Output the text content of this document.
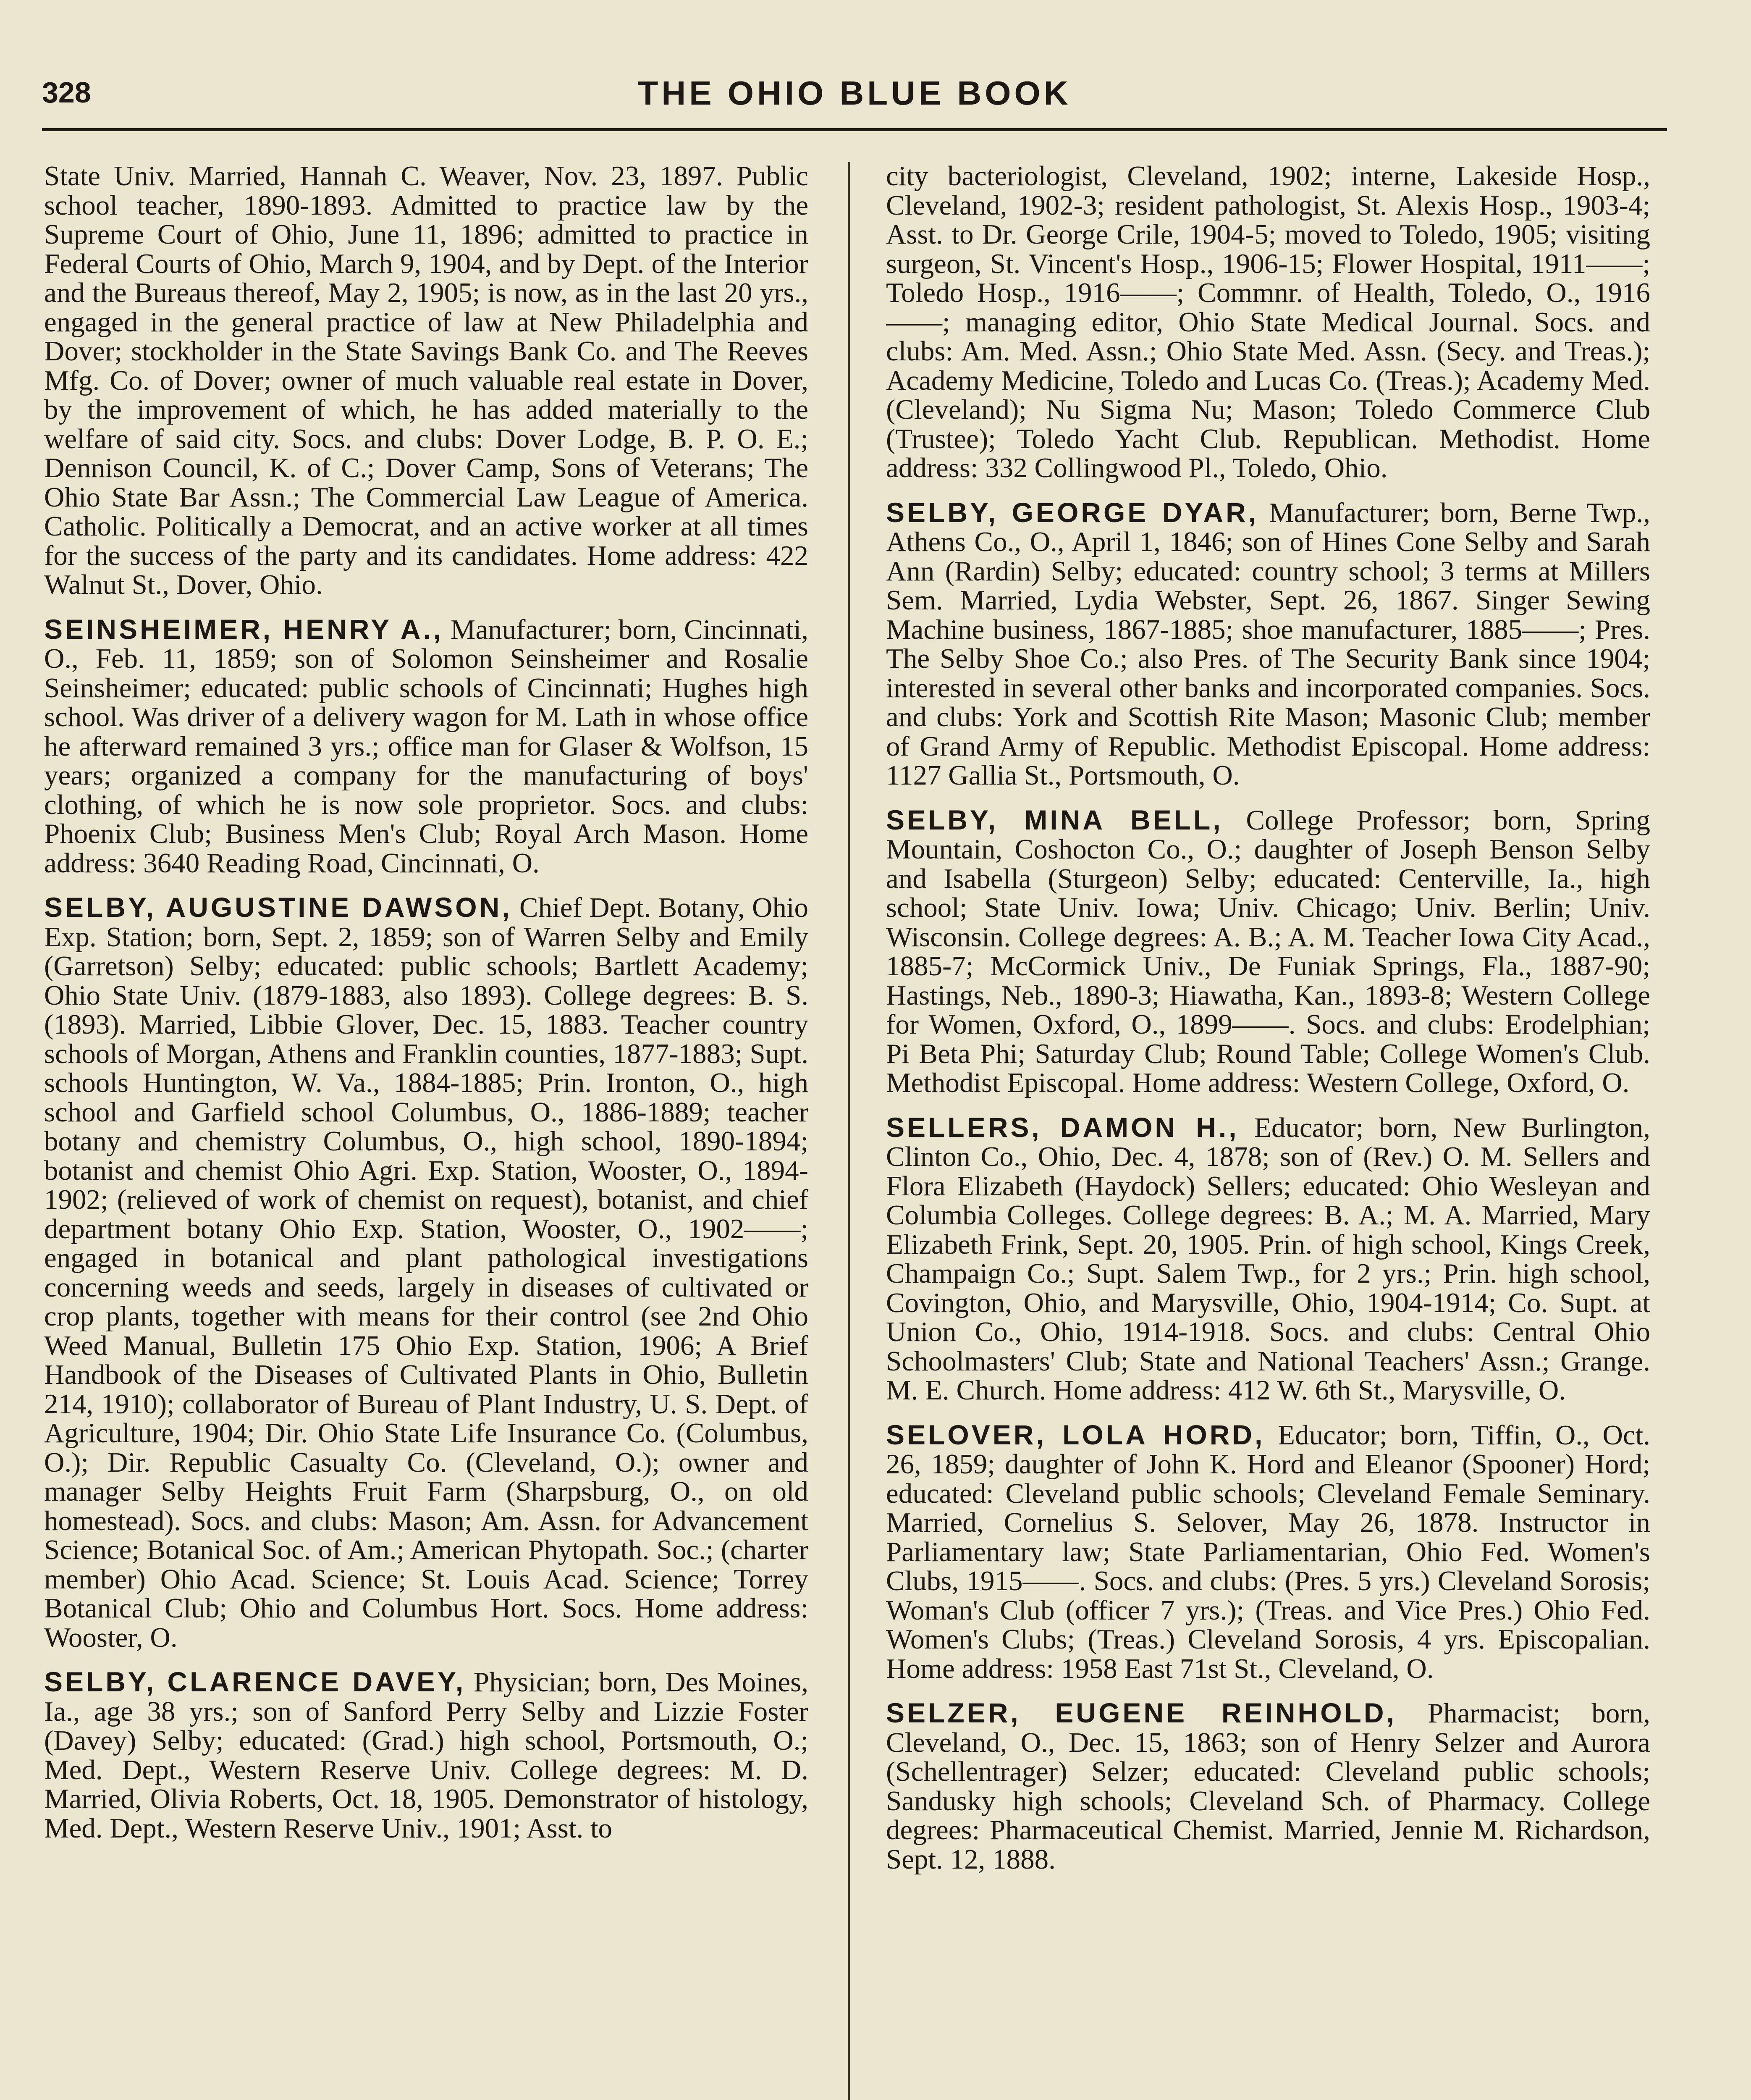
328	THE OHIO BLUE BOOK

State Univ. Married, Hannah C. Weaver, Nov. 23, 1897. Public school teacher, 1890-1893. Admitted to practice law by the Supreme Court of Ohio, June 11, 1896; admitted to practice in Federal Courts of Ohio, March 9, 1904, and by Dept. of the Interior and the Bureaus thereof, May 2, 1905; is now, as in the last 20 yrs., engaged in the general practice of law at New Philadelphia and Dover; stockholder in the State Savings Bank Co. and The Reeves Mfg. Co. of Dover; owner of much valuable real estate in Dover, by the improvement of which, he has added materially to the welfare of said city. Socs. and clubs: Dover Lodge, B. P. O. E.; Dennison Council, K. of C.; Dover Camp, Sons of Veterans; The Ohio State Bar Assn.; The Commercial Law League of America. Catholic. Politically a Democrat, and an active worker at all times for the success of the party and its candidates. Home address: 422 Walnut St., Dover, Ohio.

SEINSHEIMER, HENRY A., Manufacturer; born, Cincinnati, O., Feb. 11, 1859; son of Solomon Seinsheimer and Rosalie Seinsheimer; educated: public schools of Cincinnati; Hughes high school. Was driver of a delivery wagon for M. Lath in whose office he afterward remained 3 yrs.; office man for Glaser & Wolfson, 15 years; organized a company for the manufacturing of boys' clothing, of which he is now sole proprietor. Socs. and clubs: Phoenix Club; Business Men's Club; Royal Arch Mason. Home address: 3640 Reading Road, Cincinnati, O.

SELBY, AUGUSTINE DAWSON, Chief Dept. Botany, Ohio Exp. Station; born, Sept. 2, 1859; son of Warren Selby and Emily (Garretson) Selby; educated: public schools; Bartlett Academy; Ohio State Univ. (1879-1883, also 1893). College degrees: B. S. (1893). Married, Libbie Glover, Dec. 15, 1883. Teacher country schools of Morgan, Athens and Franklin counties, 1877-1883; Supt. schools Huntington, W. Va., 1884-1885; Prin. Ironton, O., high school and Garfield school Columbus, O., 1886-1889; teacher botany and chemistry Columbus, O., high school, 1890-1894; botanist and chemist Ohio Agri. Exp. Station, Wooster, O., 1894-1902; (relieved of work of chemist on request), botanist, and chief department botany Ohio Exp. Station, Wooster, O., 1902——; engaged in botanical and plant pathological investigations concerning weeds and seeds, largely in diseases of cultivated or crop plants, together with means for their control (see 2nd Ohio Weed Manual, Bulletin 175 Ohio Exp. Station, 1906; A Brief Handbook of the Diseases of Cultivated Plants in Ohio, Bulletin 214, 1910); collaborator of Bureau of Plant Industry, U. S. Dept. of Agriculture, 1904; Dir. Ohio State Life Insurance Co. (Columbus, O.); Dir. Republic Casualty Co. (Cleveland, O.); owner and manager Selby Heights Fruit Farm (Sharpsburg, O., on old homestead). Socs. and clubs: Mason; Am. Assn. for Advancement Science; Botanical Soc. of Am.; American Phytopath. Soc.; (charter member) Ohio Acad. Science; St. Louis Acad. Science; Torrey Botanical Club; Ohio and Columbus Hort. Socs. Home address: Wooster, O.

SELBY, CLARENCE DAVEY, Physician; born, Des Moines, Ia., age 38 yrs.; son of Sanford Perry Selby and Lizzie Foster (Davey) Selby; educated: (Grad.) high school, Portsmouth, O.; Med. Dept., Western Reserve Univ. College degrees: M. D. Married, Olivia Roberts, Oct. 18, 1905. Demonstrator of histology, Med. Dept., Western Reserve Univ., 1901; Asst. to

city bacteriologist, Cleveland, 1902; interne, Lakeside Hosp., Cleveland, 1902-3; resident pathologist, St. Alexis Hosp., 1903-4; Asst. to Dr. George Crile, 1904-5; moved to Toledo, 1905; visiting surgeon, St. Vincent's Hosp., 1906-15; Flower Hospital, 1911——; Toledo Hosp., 1916——; Commnr. of Health, Toledo, O., 1916——; managing editor, Ohio State Medical Journal. Socs. and clubs: Am. Med. Assn.; Ohio State Med. Assn. (Secy. and Treas.); Academy Medicine, Toledo and Lucas Co. (Treas.); Academy Med. (Cleveland); Nu Sigma Nu; Mason; Toledo Commerce Club (Trustee); Toledo Yacht Club. Republican. Methodist. Home address: 332 Collingwood Pl., Toledo, Ohio.

SELBY, GEORGE DYAR, Manufacturer; born, Berne Twp., Athens Co., O., April 1, 1846; son of Hines Cone Selby and Sarah Ann (Rardin) Selby; educated: country school; 3 terms at Millers Sem. Married, Lydia Webster, Sept. 26, 1867. Singer Sewing Machine business, 1867-1885; shoe manufacturer, 1885——; Pres. The Selby Shoe Co.; also Pres. of The Security Bank since 1904; interested in several other banks and incorporated companies. Socs. and clubs: York and Scottish Rite Mason; Masonic Club; member of Grand Army of Republic. Methodist Episcopal. Home address: 1127 Gallia St., Portsmouth, O.

SELBY, MINA BELL, College Professor; born, Spring Mountain, Coshocton Co., O.; daughter of Joseph Benson Selby and Isabella (Sturgeon) Selby; educated: Centerville, Ia., high school; State Univ. Iowa; Univ. Chicago; Univ. Berlin; Univ. Wisconsin. College degrees: A. B.; A. M. Teacher Iowa City Acad., 1885-7; McCormick Univ., De Funiak Springs, Fla., 1887-90; Hastings, Neb., 1890-3; Hiawatha, Kan., 1893-8; Western College for Women, Oxford, O., 1899——. Socs. and clubs: Erodelphian; Pi Beta Phi; Saturday Club; Round Table; College Women's Club. Methodist Episcopal. Home address: Western College, Oxford, O.

SELLERS, DAMON H., Educator; born, New Burlington, Clinton Co., Ohio, Dec. 4, 1878; son of (Rev.) O. M. Sellers and Flora Elizabeth (Haydock) Sellers; educated: Ohio Wesleyan and Columbia Colleges. College degrees: B. A.; M. A. Married, Mary Elizabeth Frink, Sept. 20, 1905. Prin. of high school, Kings Creek, Champaign Co.; Supt. Salem Twp., for 2 yrs.; Prin. high school, Covington, Ohio, and Marysville, Ohio, 1904-1914; Co. Supt. at Union Co., Ohio, 1914-1918. Socs. and clubs: Central Ohio Schoolmasters' Club; State and National Teachers' Assn.; Grange. M. E. Church. Home address: 412 W. 6th St., Marysville, O.

SELOVER, LOLA HORD, Educator; born, Tiffin, O., Oct. 26, 1859; daughter of John K. Hord and Eleanor (Spooner) Hord; educated: Cleveland public schools; Cleveland Female Seminary. Married, Cornelius S. Selover, May 26, 1878. Instructor in Parliamentary law; State Parliamentarian, Ohio Fed. Women's Clubs, 1915——. Socs. and clubs: (Pres. 5 yrs.) Cleveland Sorosis; Woman's Club (officer 7 yrs.); (Treas. and Vice Pres.) Ohio Fed. Women's Clubs; (Treas.) Cleveland Sorosis, 4 yrs. Episcopalian. Home address: 1958 East 71st St., Cleveland, O.

SELZER, EUGENE REINHOLD, Pharmacist; born, Cleveland, O., Dec. 15, 1863; son of Henry Selzer and Aurora (Schellentrager) Selzer; educated: Cleveland public schools; Sandusky high schools; Cleveland Sch. of Pharmacy. College degrees: Pharmaceutical Chemist. Married, Jennie M. Richardson, Sept. 12, 1888.
